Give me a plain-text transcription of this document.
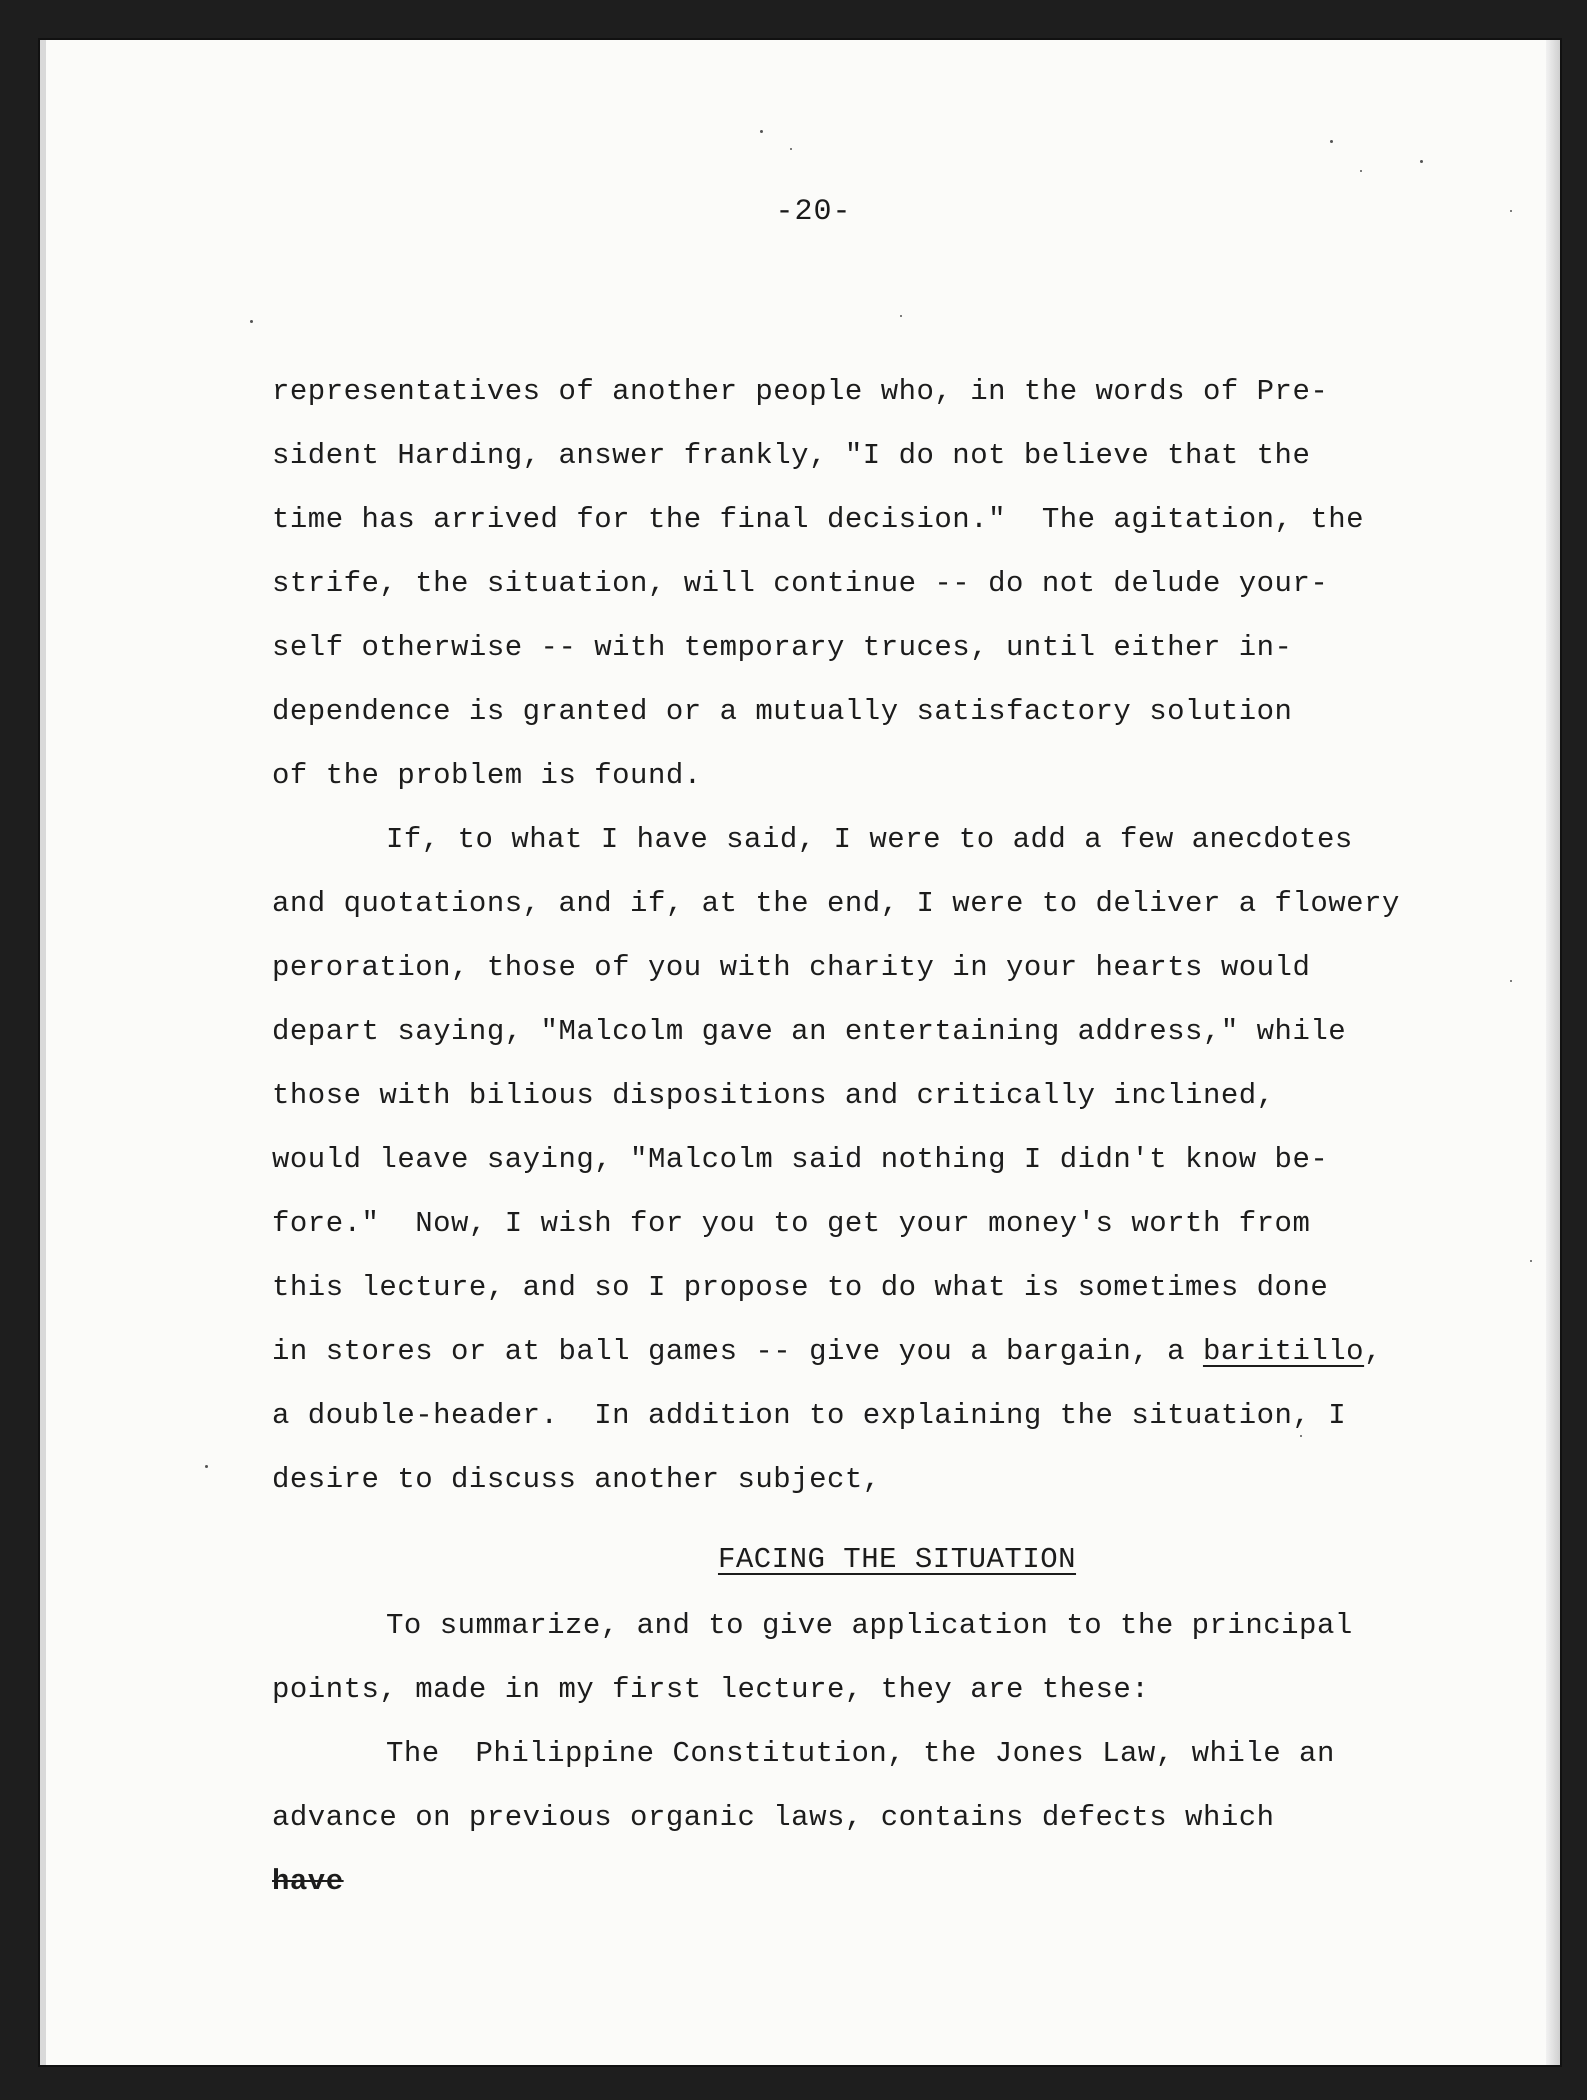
-20-
representatives of another people who, in the words of Pre-
sident Harding, answer frankly, "I do not believe that the
time has arrived for the final decision."  The agitation, the
strife, the situation, will continue -- do not delude your-
self otherwise -- with temporary truces, until either in-
dependence is granted or a mutually satisfactory solution
of the problem is found.
If, to what I have said, I were to add a few anecdotes
and quotations, and if, at the end, I were to deliver a flowery
peroration, those of you with charity in your hearts would
depart saying, "Malcolm gave an entertaining address," while
those with bilious dispositions and critically inclined,
would leave saying, "Malcolm said nothing I didn't know be-
fore."  Now, I wish for you to get your money's worth from
this lecture, and so I propose to do what is sometimes done
in stores or at ball games -- give you a bargain, a baritillo,
a double-header.  In addition to explaining the situation, I
desire to discuss another subject,
FACING THE SITUATION
To summarize, and to give application to the principal
points, made in my first lecture, they are these:
The  Philippine Constitution, the Jones Law, while an
advance on previous organic laws, contains defects which
have
